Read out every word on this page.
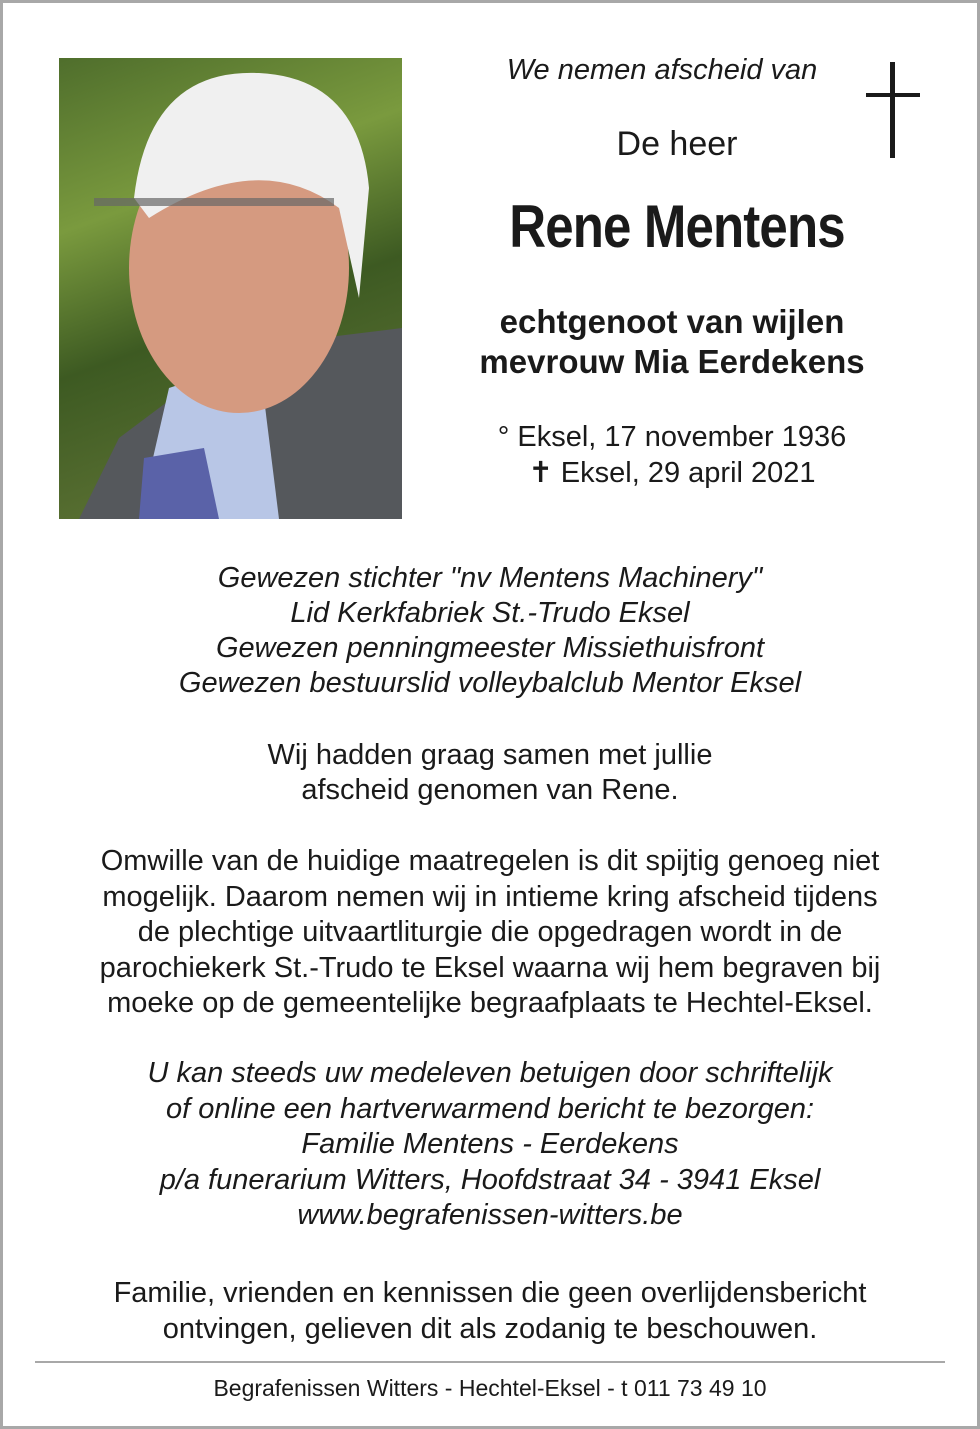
We nemen afscheid van
De heer
Rene Mentens
echtgenoot van wijlen
mevrouw Mia Eerdekens
° Eksel, 17 november 1936
✝ Eksel, 29 april 2021
Gewezen stichter "nv Mentens Machinery"
Lid Kerkfabriek St.-Trudo Eksel
Gewezen penningmeester Missiethuisfront
Gewezen bestuurslid volleybalclub Mentor Eksel
Wij hadden graag samen met jullie
afscheid genomen van Rene.
Omwille van de huidige maatregelen is dit spijtig genoeg niet
mogelijk. Daarom nemen wij in intieme kring afscheid tijdens
de plechtige uitvaartliturgie die opgedragen wordt in de
parochiekerk St.-Trudo te Eksel waarna wij hem begraven bij
moeke op de gemeentelijke begraafplaats te Hechtel-Eksel.
U kan steeds uw medeleven betuigen door schriftelijk
of online een hartverwarmend bericht te bezorgen:
Familie Mentens - Eerdekens
p/a funerarium Witters, Hoofdstraat 34 - 3941 Eksel
www.begrafenissen-witters.be
Familie, vrienden en kennissen die geen overlijdensbericht
ontvingen, gelieven dit als zodanig te beschouwen.
Begrafenissen Witters - Hechtel-Eksel - t 011 73 49 10
